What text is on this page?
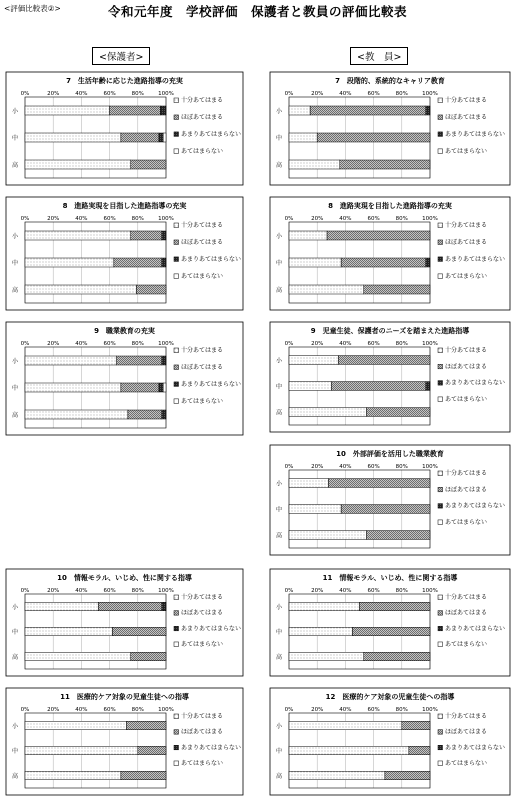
<評価比較表②>	令和元年度　学校評価　保護者と教員の評価比較表
<保護者>	<教　員>
7　生活年齢に応じた進路指導の充実
0%	20%	40%	60%	80%	100%
小
中
高
十分あてはまる
ほぼあてはまる
あまりあてはまらない
あてはまらない
7　段階的、系統的なキャリア教育
0%	20%	40%	60%	80%	100%
小
中
高
十分あてはまる
ほぼあてはまる
あまりあてはまらない
あてはまらない
8　進路実現を目指した進路指導の充実
0%	20%	40%	60%	80%	100%
小
中
高
十分あてはまる
ほぼあてはまる
あまりあてはまらない
あてはまらない
8　進路実現を目指した進路指導の充実
0%	20%	40%	60%	80%	100%
小
中
高
十分あてはまる
ほぼあてはまる
あまりあてはまらない
あてはまらない
9　職業教育の充実
0%	20%	40%	60%	80%	100%
小
中
高
十分あてはまる
ほぼあてはまる
あまりあてはまらない
あてはまらない
9　児童生徒、保護者のニーズを踏まえた進路指導
0%	20%	40%	60%	80%	100%
小
中
高
十分あてはまる
ほぼあてはまる
あまりあてはまらない
あてはまらない
10　外部評価を活用した職業教育
0%	20%	40%	60%	80%	100%
小
中
高
十分あてはまる
ほぼあてはまる
あまりあてはまらない
あてはまらない
10　情報モラル、いじめ、性に関する指導
0%	20%	40%	60%	80%	100%
小
中
高
十分あてはまる
ほぼあてはまる
あまりあてはまらない
あてはまらない
11　情報モラル、いじめ、性に関する指導
0%	20%	40%	60%	80%	100%
小
中
高
十分あてはまる
ほぼあてはまる
あまりあてはまらない
あてはまらない
11　医療的ケア対象の児童生徒への指導
0%	20%	40%	60%	80%	100%
小
中
高
十分あてはまる
ほぼあてはまる
あまりあてはまらない
あてはまらない
12　医療的ケア対象の児童生徒への指導
0%	20%	40%	60%	80%	100%
小
中
高
十分あてはまる
ほぼあてはまる
あまりあてはまらない
あてはまらない
